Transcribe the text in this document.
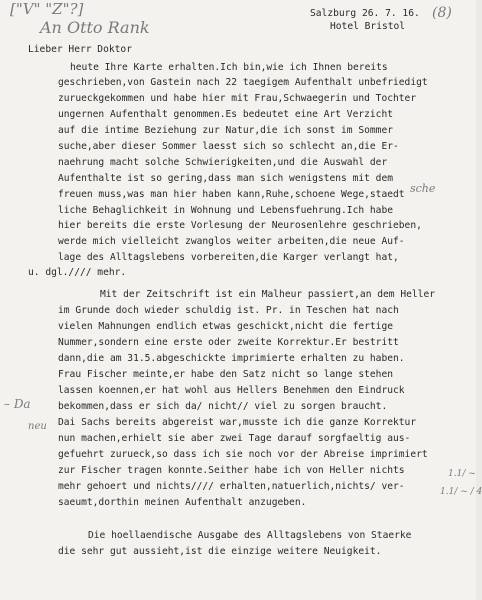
["V" "Z"?]
An Otto Rank
(8)
Salzburg 26. 7. 16.
Hotel Bristol
Lieber Herr Doktor
heute Ihre Karte erhalten.Ich bin,wie ich Ihnen bereits
geschrieben,von Gastein nach 22 taegigem Aufenthalt unbefriedigt
zurueckgekommen und habe hier mit Frau,Schwaegerin und Tochter
ungernen Aufenthalt genommen.Es bedeutet eine Art Verzicht
auf die intime Beziehung zur Natur,die ich sonst im Sommer
suche,aber dieser Sommer laesst sich so schlecht an,die Er-
naehrung macht solche Schwierigkeiten,und die Auswahl der
Aufenthalte ist so gering,dass man sich wenigstens mit dem
freuen muss,was man hier haben kann,Ruhe,schoene Wege,staedt
liche Behaglichkeit in Wohnung und Lebensfuehrung.Ich habe
hier bereits die erste Vorlesung der Neurosenlehre geschrieben,
werde mich vielleicht zwanglos weiter arbeiten,die neue Auf-
lage des Alltagslebens vorbereiten,die Karger verlangt hat,
u. dgl.//// mehr.
sche
Mit der Zeitschrift ist ein Malheur passiert,an dem Heller
im Grunde doch wieder schuldig ist. Pr. in Teschen hat nach
vielen Mahnungen endlich etwas geschickt,nicht die fertige
Nummer,sondern eine erste oder zweite Korrektur.Er bestritt
dann,die am 31.5.abgeschickte imprimierte erhalten zu haben.
Frau Fischer meinte,er habe den Satz nicht so lange stehen
lassen koennen,er hat wohl aus Hellers Benehmen den Eindruck
bekommen,dass er sich da/ nicht// viel zu sorgen braucht.
Dai Sachs bereits abgereist war,musste ich die ganze Korrektur
nun machen,erhielt sie aber zwei Tage darauf sorgfaeltig aus-
gefuehrt zurueck,so dass ich sie noch vor der Abreise imprimiert
zur Fischer tragen konnte.Seither habe ich von Heller nichts
mehr gehoert und nichts//// erhalten,natuerlich,nichts/ ver-
saeumt,dorthin meinen Aufenthalt anzugeben.
– Da
neu
1.1/ ~
1.1/ ~ / 4
Die hoellaendische Ausgabe des Alltagslebens von Staerke
die sehr gut aussieht,ist die einzige weitere Neuigkeit.
